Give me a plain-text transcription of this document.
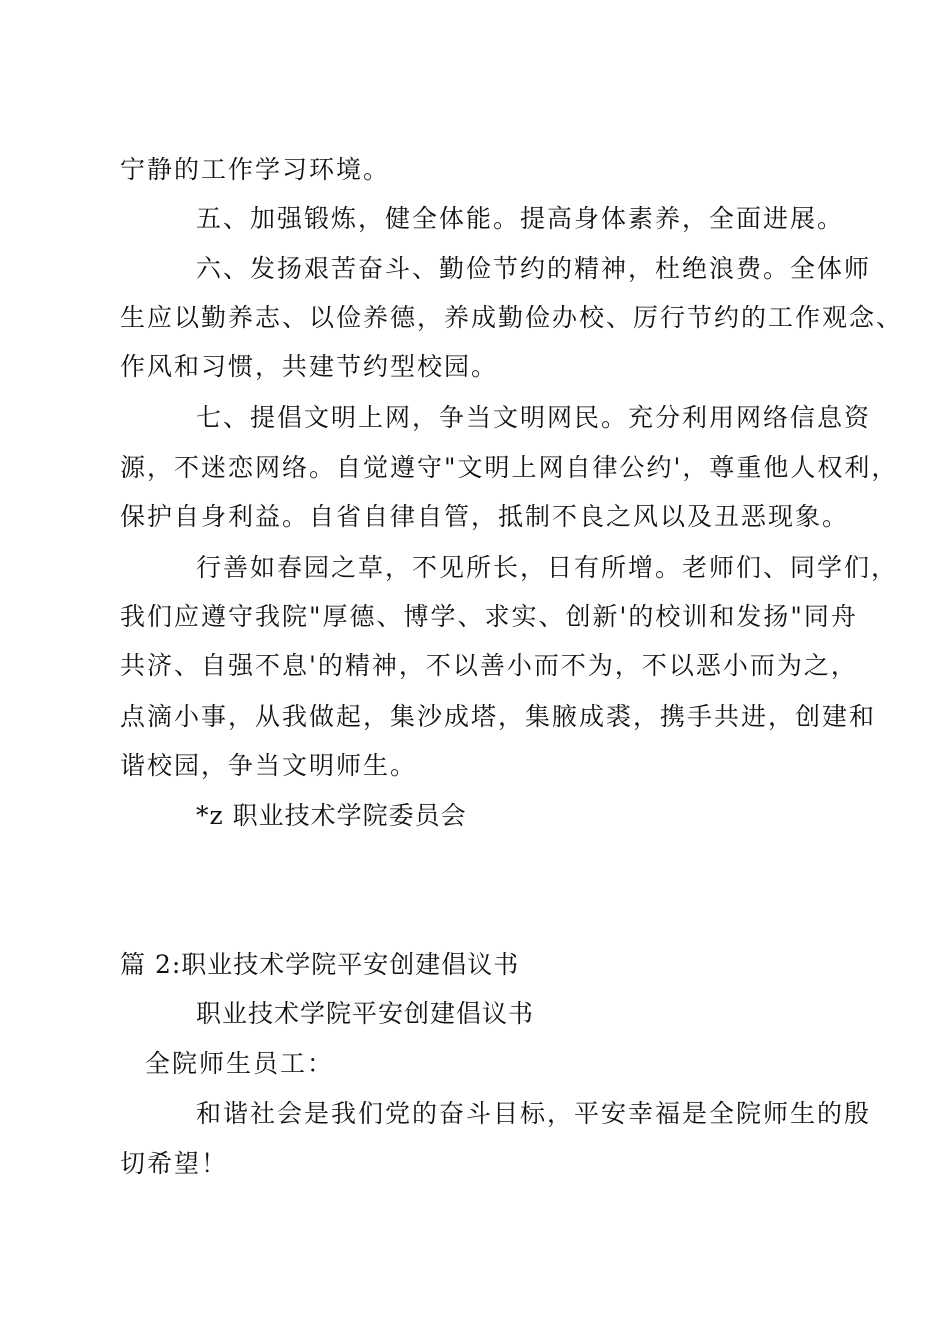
宁静的工作学习环境。
五、加强锻炼，健全体能。提高身体素养，全面进展。
六、发扬艰苦奋斗、勤俭节约的精神，杜绝浪费。全体师
生应以勤养志、以俭养德，养成勤俭办校、厉行节约的工作观念、
作风和习惯，共建节约型校园。
七、提倡文明上网，争当文明网民。充分利用网络信息资
源，不迷恋网络。自觉遵守"文明上网自律公约'，尊重他人权利，
保护自身利益。自省自律自管，抵制不良之风以及丑恶现象。
行善如春园之草，不见所长，日有所增。老师们、同学们，
我们应遵守我院"厚德、博学、求实、创新'的校训和发扬"同舟
共济、自强不息'的精神，不以善小而不为，不以恶小而为之，
点滴小事，从我做起，集沙成塔，集腋成裘，携手共进，创建和
谐校园，争当文明师生。
*z 职业技术学院委员会
篇 2:职业技术学院平安创建倡议书
职业技术学院平安创建倡议书
全院师生员工：
和谐社会是我们党的奋斗目标，平安幸福是全院师生的殷
切希望！
